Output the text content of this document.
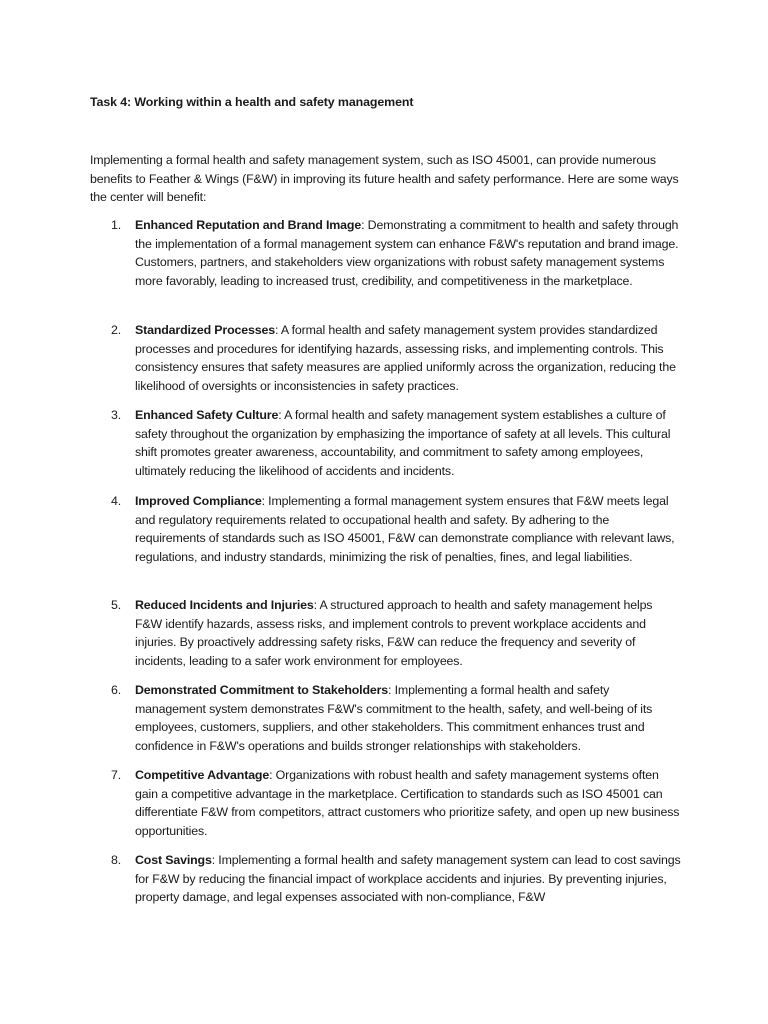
Task 4: Working within a health and safety management
Implementing a formal health and safety management system, such as ISO 45001, can provide numerous benefits to Feather & Wings (F&W) in improving its future health and safety performance. Here are some ways the center will benefit:
1.	Enhanced Reputation and Brand Image: Demonstrating a commitment to health and safety through the implementation of a formal management system can enhance F&W's reputation and brand image. Customers, partners, and stakeholders view organizations with robust safety management systems more favorably, leading to increased trust, credibility, and competitiveness in the marketplace.
2.	Standardized Processes: A formal health and safety management system provides standardized processes and procedures for identifying hazards, assessing risks, and implementing controls. This consistency ensures that safety measures are applied uniformly across the organization, reducing the likelihood of oversights or inconsistencies in safety practices.
3.	Enhanced Safety Culture: A formal health and safety management system establishes a culture of safety throughout the organization by emphasizing the importance of safety at all levels. This cultural shift promotes greater awareness, accountability, and commitment to safety among employees, ultimately reducing the likelihood of accidents and incidents.
4.	Improved Compliance: Implementing a formal management system ensures that F&W meets legal and regulatory requirements related to occupational health and safety. By adhering to the requirements of standards such as ISO 45001, F&W can demonstrate compliance with relevant laws, regulations, and industry standards, minimizing the risk of penalties, fines, and legal liabilities.
5.	Reduced Incidents and Injuries: A structured approach to health and safety management helps F&W identify hazards, assess risks, and implement controls to prevent workplace accidents and injuries. By proactively addressing safety risks, F&W can reduce the frequency and severity of incidents, leading to a safer work environment for employees.
6.	Demonstrated Commitment to Stakeholders: Implementing a formal health and safety management system demonstrates F&W's commitment to the health, safety, and well-being of its employees, customers, suppliers, and other stakeholders. This commitment enhances trust and confidence in F&W's operations and builds stronger relationships with stakeholders.
7.	Competitive Advantage: Organizations with robust health and safety management systems often gain a competitive advantage in the marketplace. Certification to standards such as ISO 45001 can differentiate F&W from competitors, attract customers who prioritize safety, and open up new business opportunities.
8.	Cost Savings: Implementing a formal health and safety management system can lead to cost savings for F&W by reducing the financial impact of workplace accidents and injuries. By preventing injuries, property damage, and legal expenses associated with non-compliance, F&W
